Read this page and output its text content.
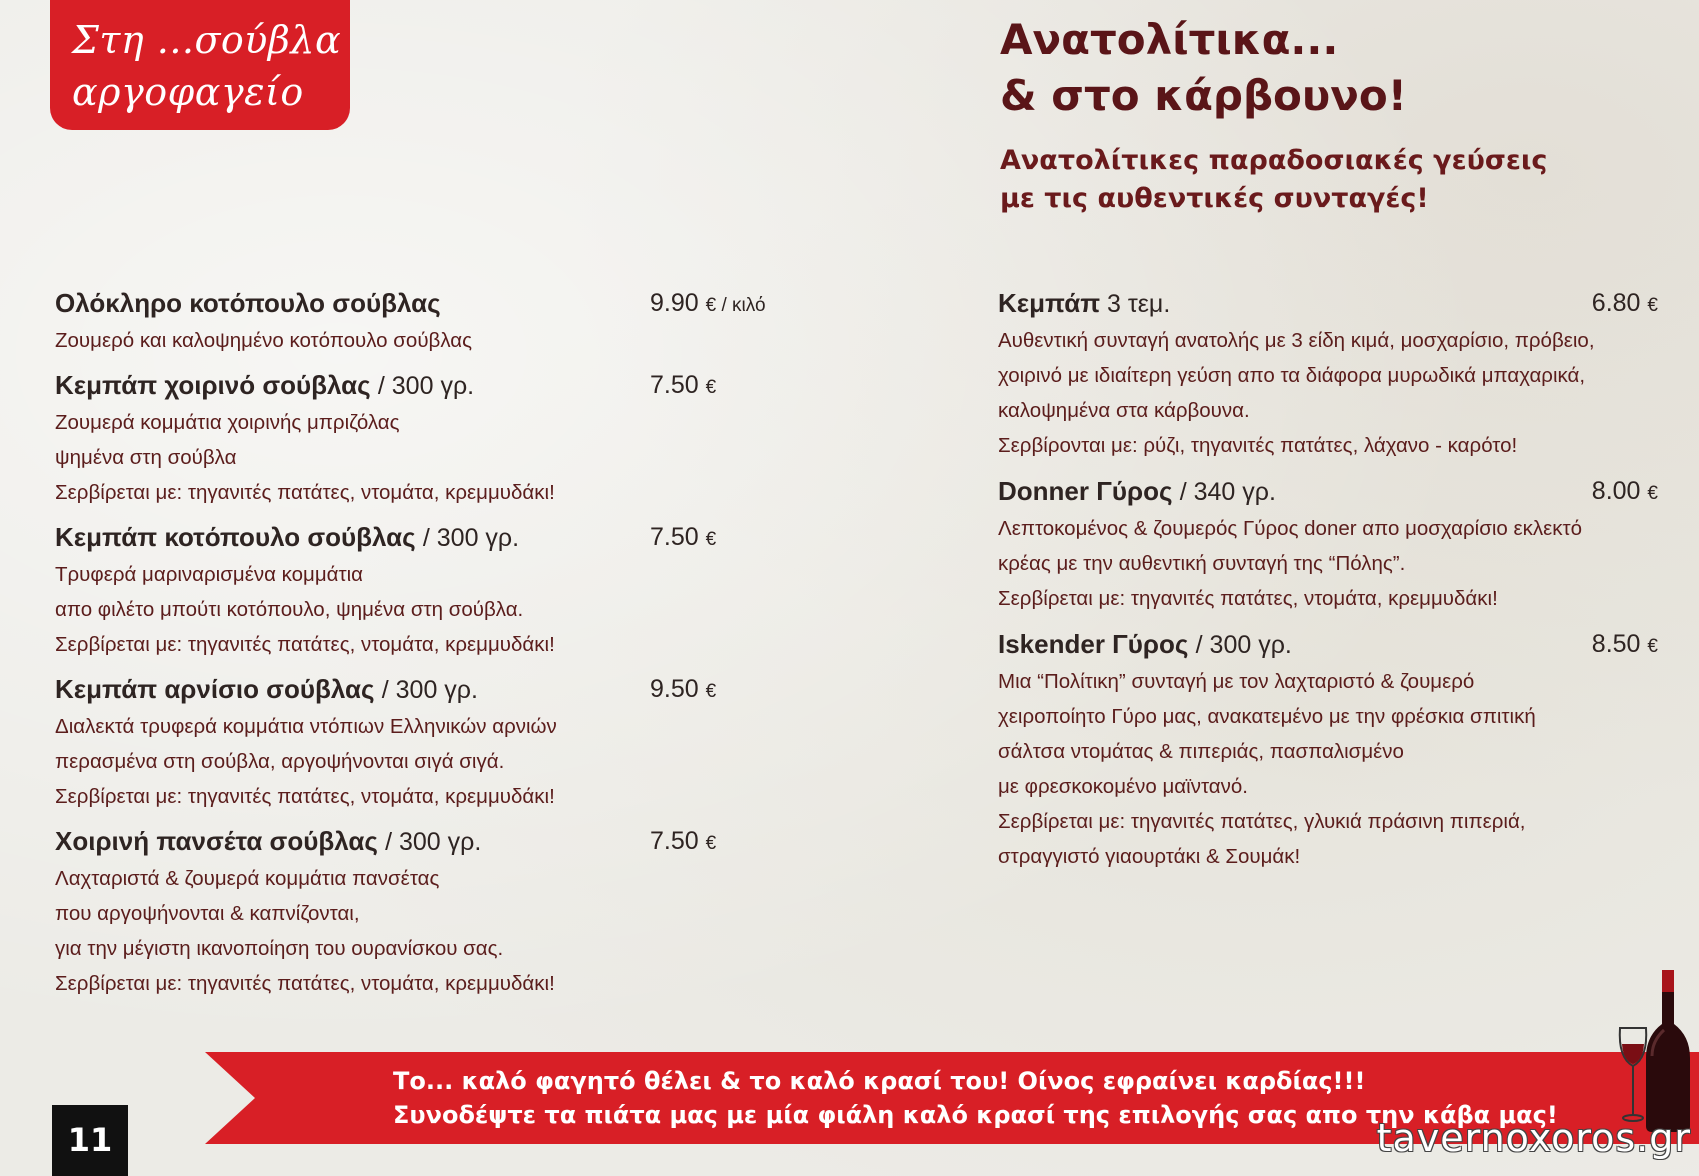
Στη ...σούβλα
αργοφαγείο
Ανατολίτικα...
& στο κάρβουνο!
Ανατολίτικες παραδοσιακές γεύσεις
με τις αυθεντικές συνταγές!
Ολόκληρο κοτόπουλο σούβλας	9.90 € / κιλό
Ζουμερό και καλοψημένο κοτόπουλο σούβλας
Κεμπάπ χοιρινό σούβλας / 300 γρ.	7.50 €
Ζουμερά κομμάτια χοιρινής μπριζόλας
ψημένα στη σούβλα
Σερβίρεται με: τηγανιτές πατάτες, ντομάτα, κρεμμυδάκι!
Κεμπάπ κοτόπουλο σούβλας / 300 γρ.	7.50 €
Τρυφερά μαριναρισμένα κομμάτια
απο φιλέτο μπούτι κοτόπουλο, ψημένα στη σούβλα.
Σερβίρεται με: τηγανιτές πατάτες, ντομάτα, κρεμμυδάκι!
Κεμπάπ αρνίσιο σούβλας / 300 γρ.	9.50 €
Διαλεκτά τρυφερά κομμάτια ντόπιων Ελληνικών αρνιών
περασμένα στη σούβλα, αργοψήνονται σιγά σιγά.
Σερβίρεται με: τηγανιτές πατάτες, ντομάτα, κρεμμυδάκι!
Χοιρινή πανσέτα σούβλας / 300 γρ.	7.50 €
Λαχταριστά & ζουμερά κομμάτια πανσέτας
που αργοψήνονται & καπνίζονται,
για την μέγιστη ικανοποίηση του ουρανίσκου σας.
Σερβίρεται με: τηγανιτές πατάτες, ντομάτα, κρεμμυδάκι!
Κεμπάπ 3 τεμ.	6.80 €
Αυθεντική συνταγή ανατολής με 3 είδη κιμά, μοσχαρίσιο, πρόβειο,
χοιρινό με ιδιαίτερη γεύση απο τα διάφορα μυρωδικά μπαχαρικά,
καλοψημένα στα κάρβουνα.
Σερβίρονται με: ρύζι, τηγανιτές πατάτες, λάχανο - καρότο!
Donner Γύρος / 340 γρ.	8.00 €
Λεπτοκομένος & ζουμερός Γύρος doner απο μοσχαρίσιο εκλεκτό
κρέας με την αυθεντική συνταγή της “Πόλης”.
Σερβίρεται με: τηγανιτές πατάτες, ντομάτα, κρεμμυδάκι!
Iskender Γύρος / 300 γρ.	8.50 €
Μια “Πολίτικη” συνταγή με τον λαχταριστό & ζουμερό
χειροποίητο Γύρο μας, ανακατεμένο με την φρέσκια σπιτική
σάλτσα ντομάτας & πιπεριάς, πασπαλισμένο
με φρεσκοκομένο μαϊντανό.
Σερβίρεται με: τηγανιτές πατάτες, γλυκιά πράσινη πιπεριά,
στραγγιστό γιαουρτάκι & Σουμάκ!
Το... καλό φαγητό θέλει & το καλό κρασί του! Οίνος εφραίνει καρδίας!!!
Συνοδέψτε τα πιάτα μας με μία φιάλη καλό κρασί της επιλογής σας απο την κάβα μας!
11	tavernoxoros.gr
